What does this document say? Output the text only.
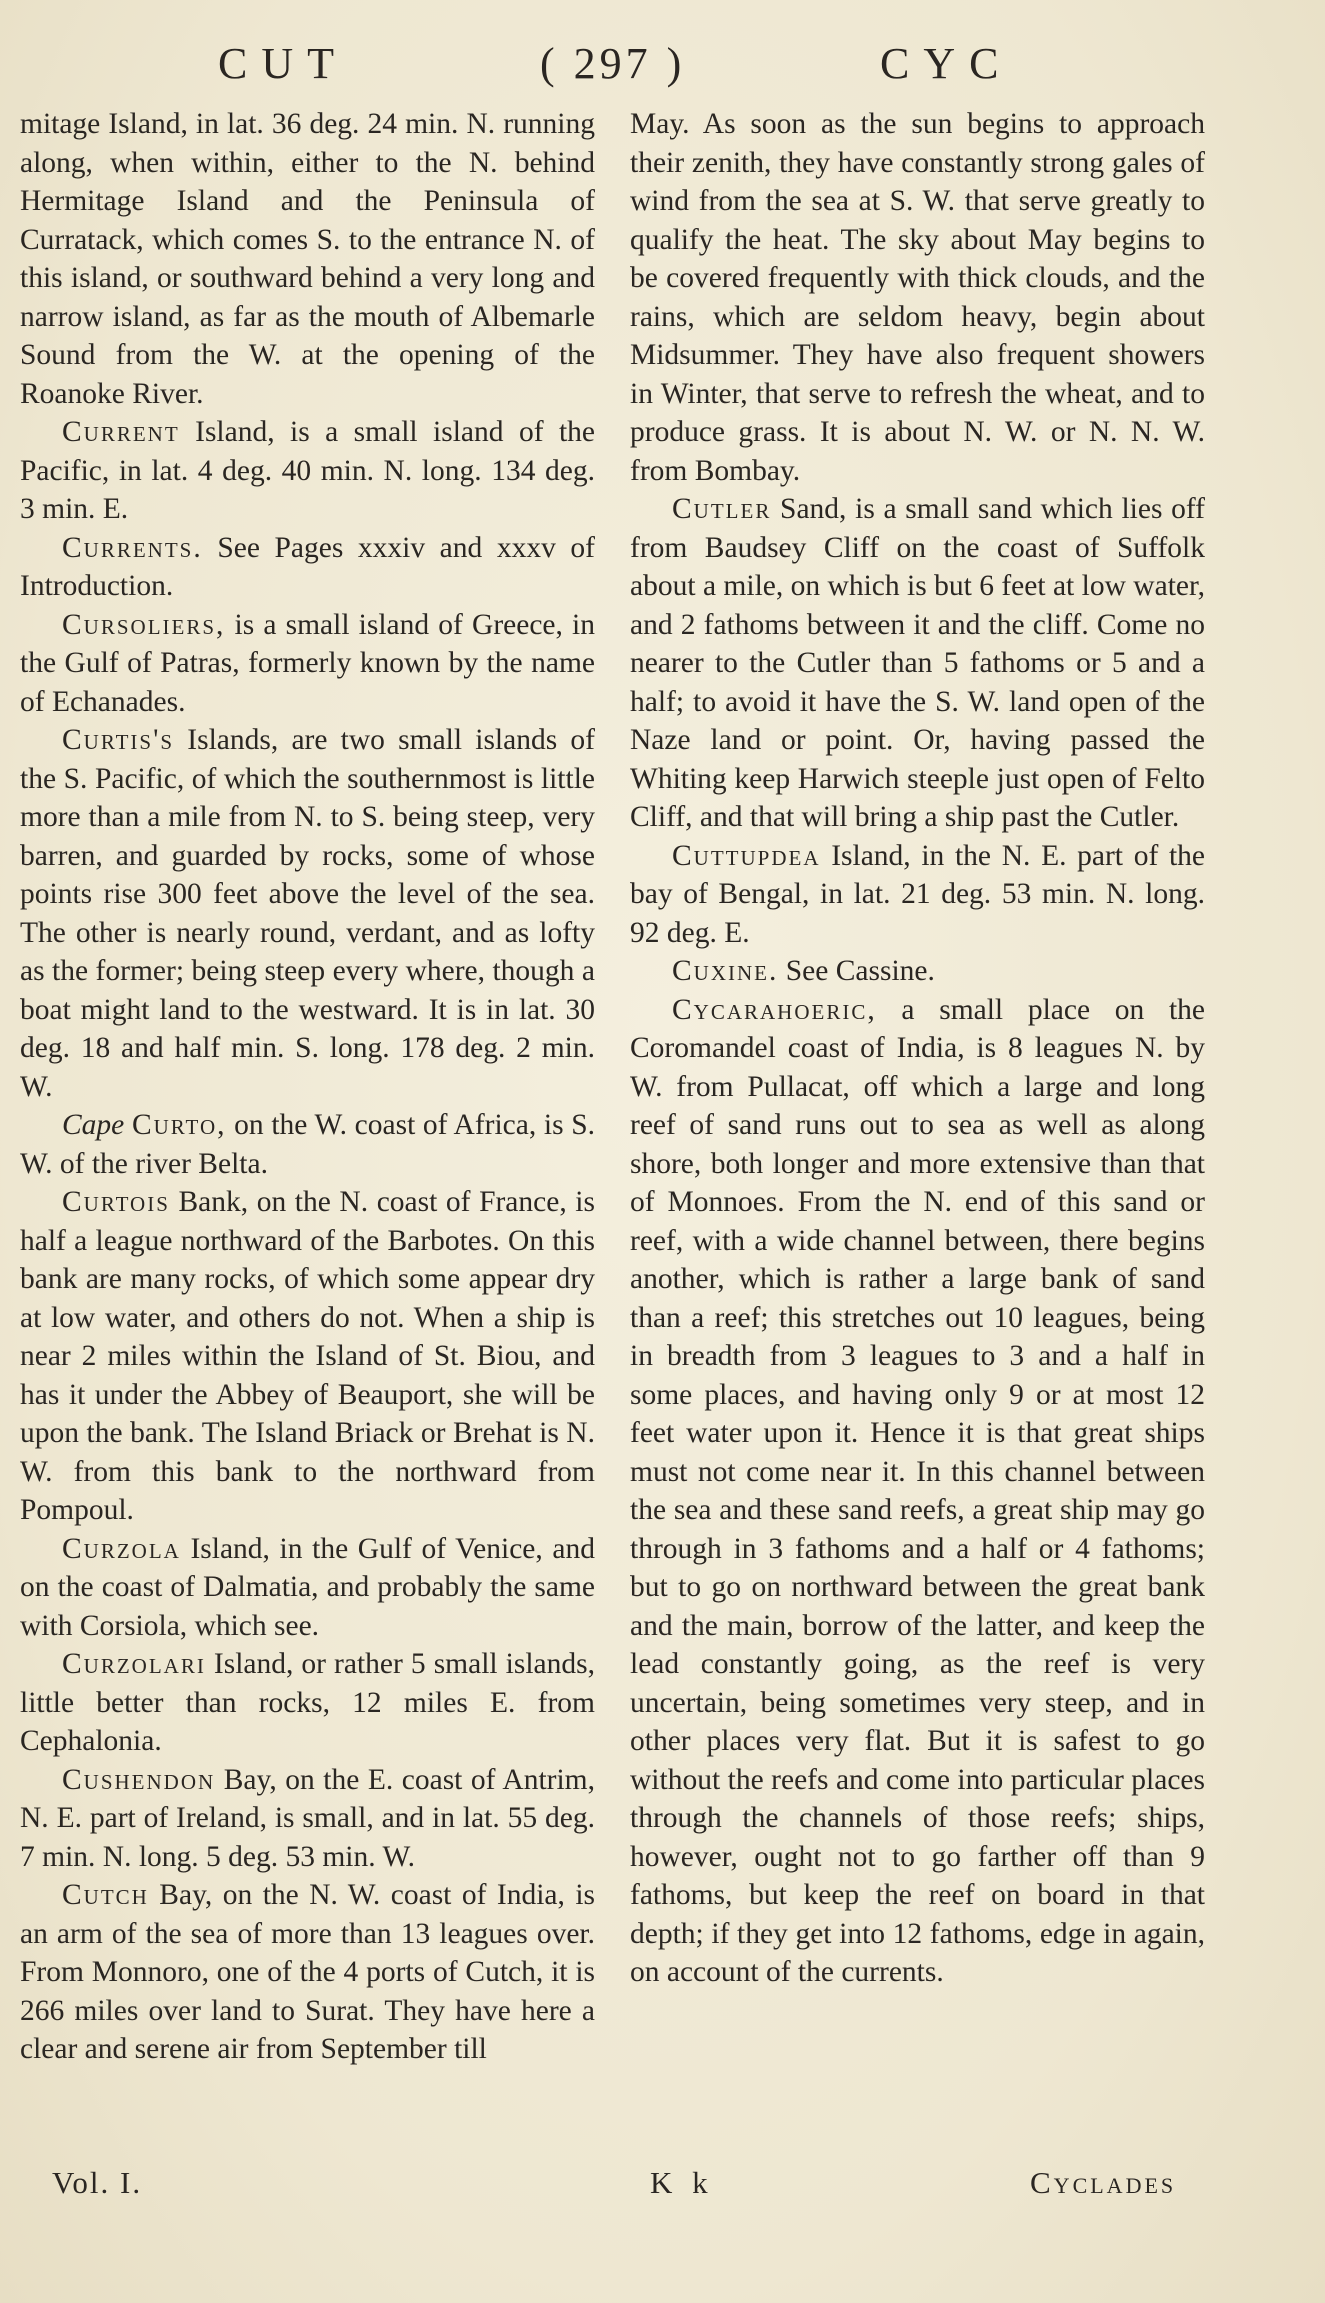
CUT	( 297 )	CYC

mitage Island, in lat. 36 deg. 24 min. N. running along, when within, either to the N. behind Hermitage Island and the Peninsula of Curratack, which comes S. to the entrance N. of this island, or southward behind a very long and narrow island, as far as the mouth of Albemarle Sound from the W. at the opening of the Roanoke River.

Current Island, is a small island of the Pacific, in lat. 4 deg. 40 min. N. long. 134 deg. 3 min. E.

Currents. See Pages xxxiv and xxxv of Introduction.

Cursoliers, is a small island of Greece, in the Gulf of Patras, formerly known by the name of Echanades.

Curtis's Islands, are two small islands of the S. Pacific, of which the southernmost is little more than a mile from N. to S. being steep, very barren, and guarded by rocks, some of whose points rise 300 feet above the level of the sea. The other is nearly round, verdant, and as lofty as the former; being steep every where, though a boat might land to the westward. It is in lat. 30 deg. 18 and half min. S. long. 178 deg. 2 min. W.

Cape Curto, on the W. coast of Africa, is S. W. of the river Belta.

Curtois Bank, on the N. coast of France, is half a league northward of the Barbotes. On this bank are many rocks, of which some appear dry at low water, and others do not. When a ship is near 2 miles within the Island of St. Biou, and has it under the Abbey of Beauport, she will be upon the bank. The Island Briack or Brehat is N. W. from this bank to the northward from Pompoul.

Curzola Island, in the Gulf of Venice, and on the coast of Dalmatia, and probably the same with Corsiola, which see.

Curzolari Island, or rather 5 small islands, little better than rocks, 12 miles E. from Cephalonia.

Cushendon Bay, on the E. coast of Antrim, N. E. part of Ireland, is small, and in lat. 55 deg. 7 min. N. long. 5 deg. 53 min. W.

Cutch Bay, on the N. W. coast of India, is an arm of the sea of more than 13 leagues over. From Monnoro, one of the 4 ports of Cutch, it is 266 miles over land to Surat. They have here a clear and serene air from September till

May. As soon as the sun begins to approach their zenith, they have constantly strong gales of wind from the sea at S. W. that serve greatly to qualify the heat. The sky about May begins to be covered frequently with thick clouds, and the rains, which are seldom heavy, begin about Midsummer. They have also frequent showers in Winter, that serve to refresh the wheat, and to produce grass. It is about N. W. or N. N. W. from Bombay.

Cutler Sand, is a small sand which lies off from Baudsey Cliff on the coast of Suffolk about a mile, on which is but 6 feet at low water, and 2 fathoms between it and the cliff. Come no nearer to the Cutler than 5 fathoms or 5 and a half; to avoid it have the S. W. land open of the Naze land or point. Or, having passed the Whiting keep Harwich steeple just open of Felto Cliff, and that will bring a ship past the Cutler.

Cuttupdea Island, in the N. E. part of the bay of Bengal, in lat. 21 deg. 53 min. N. long. 92 deg. E.

Cuxine. See Cassine.

Cycarahoeric, a small place on the Coromandel coast of India, is 8 leagues N. by W. from Pullacat, off which a large and long reef of sand runs out to sea as well as along shore, both longer and more extensive than that of Monnoes. From the N. end of this sand or reef, with a wide channel between, there begins another, which is rather a large bank of sand than a reef; this stretches out 10 leagues, being in breadth from 3 leagues to 3 and a half in some places, and having only 9 or at most 12 feet water upon it. Hence it is that great ships must not come near it. In this channel between the sea and these sand reefs, a great ship may go through in 3 fathoms and a half or 4 fathoms; but to go on northward between the great bank and the main, borrow of the latter, and keep the lead constantly going, as the reef is very uncertain, being sometimes very steep, and in other places very flat. But it is safest to go without the reefs and come into particular places through the channels of those reefs; ships, however, ought not to go farther off than 9 fathoms, but keep the reef on board in that depth; if they get into 12 fathoms, edge in again, on account of the currents.

Vol. I.	K k	Cyclades
